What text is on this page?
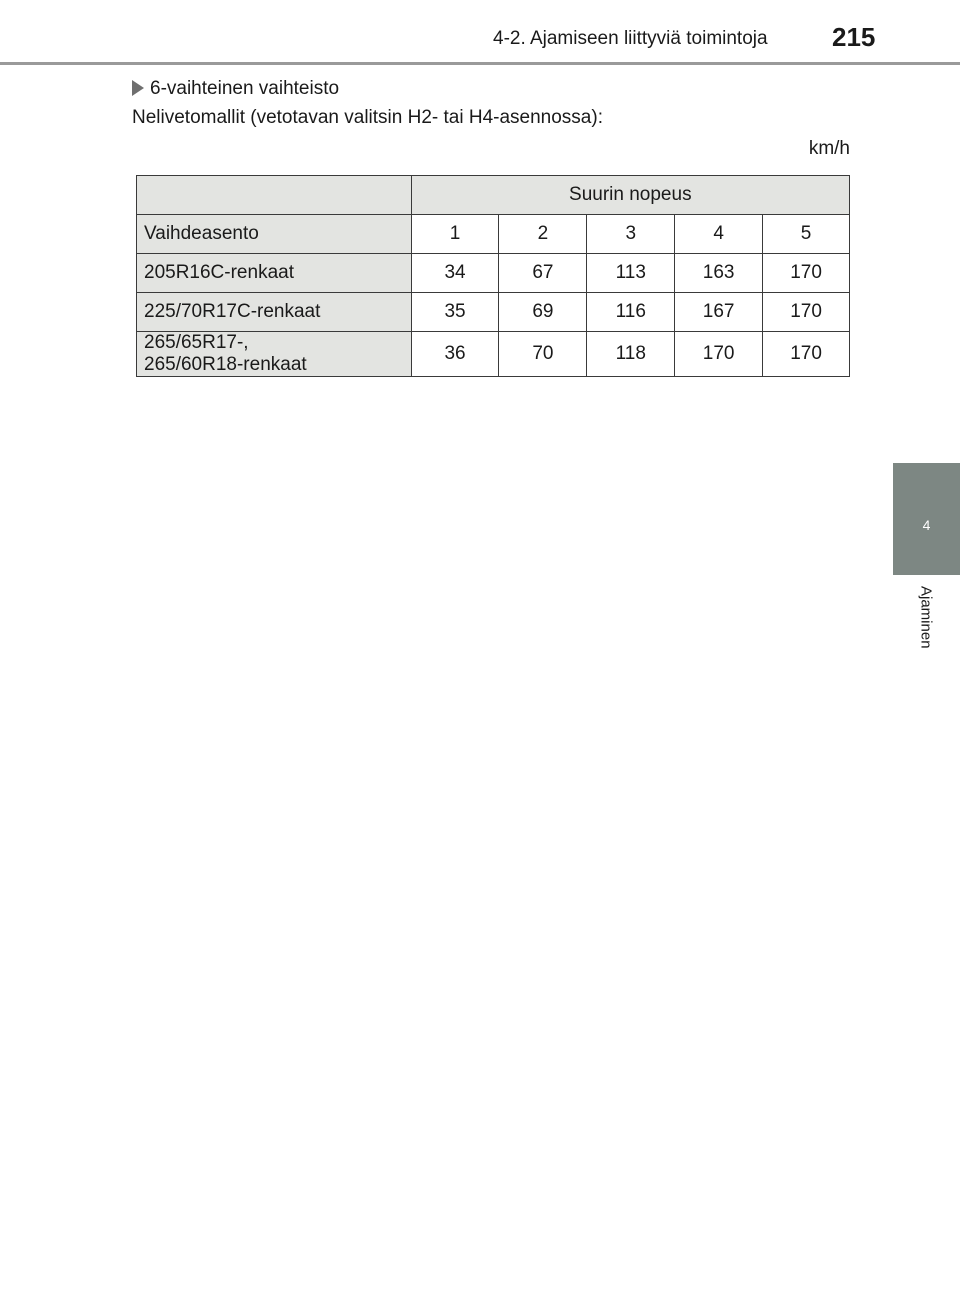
4-2. Ajamiseen liittyviä toimintoja 215
4
Ajaminen
6-vaihteinen vaihteisto
Nelivetomallit (vetotavan valitsin H2- tai H4-asennossa):
km/h
	Suurin nopeus				
Vaihdeasento	1	2	3	4	5
205R16C-renkaat	34	67	113	163	170
225/70R17C-renkaat	35	69	116	167	170

265/65R17-,
265/60R18-renkaat	36	70	118	170	170
